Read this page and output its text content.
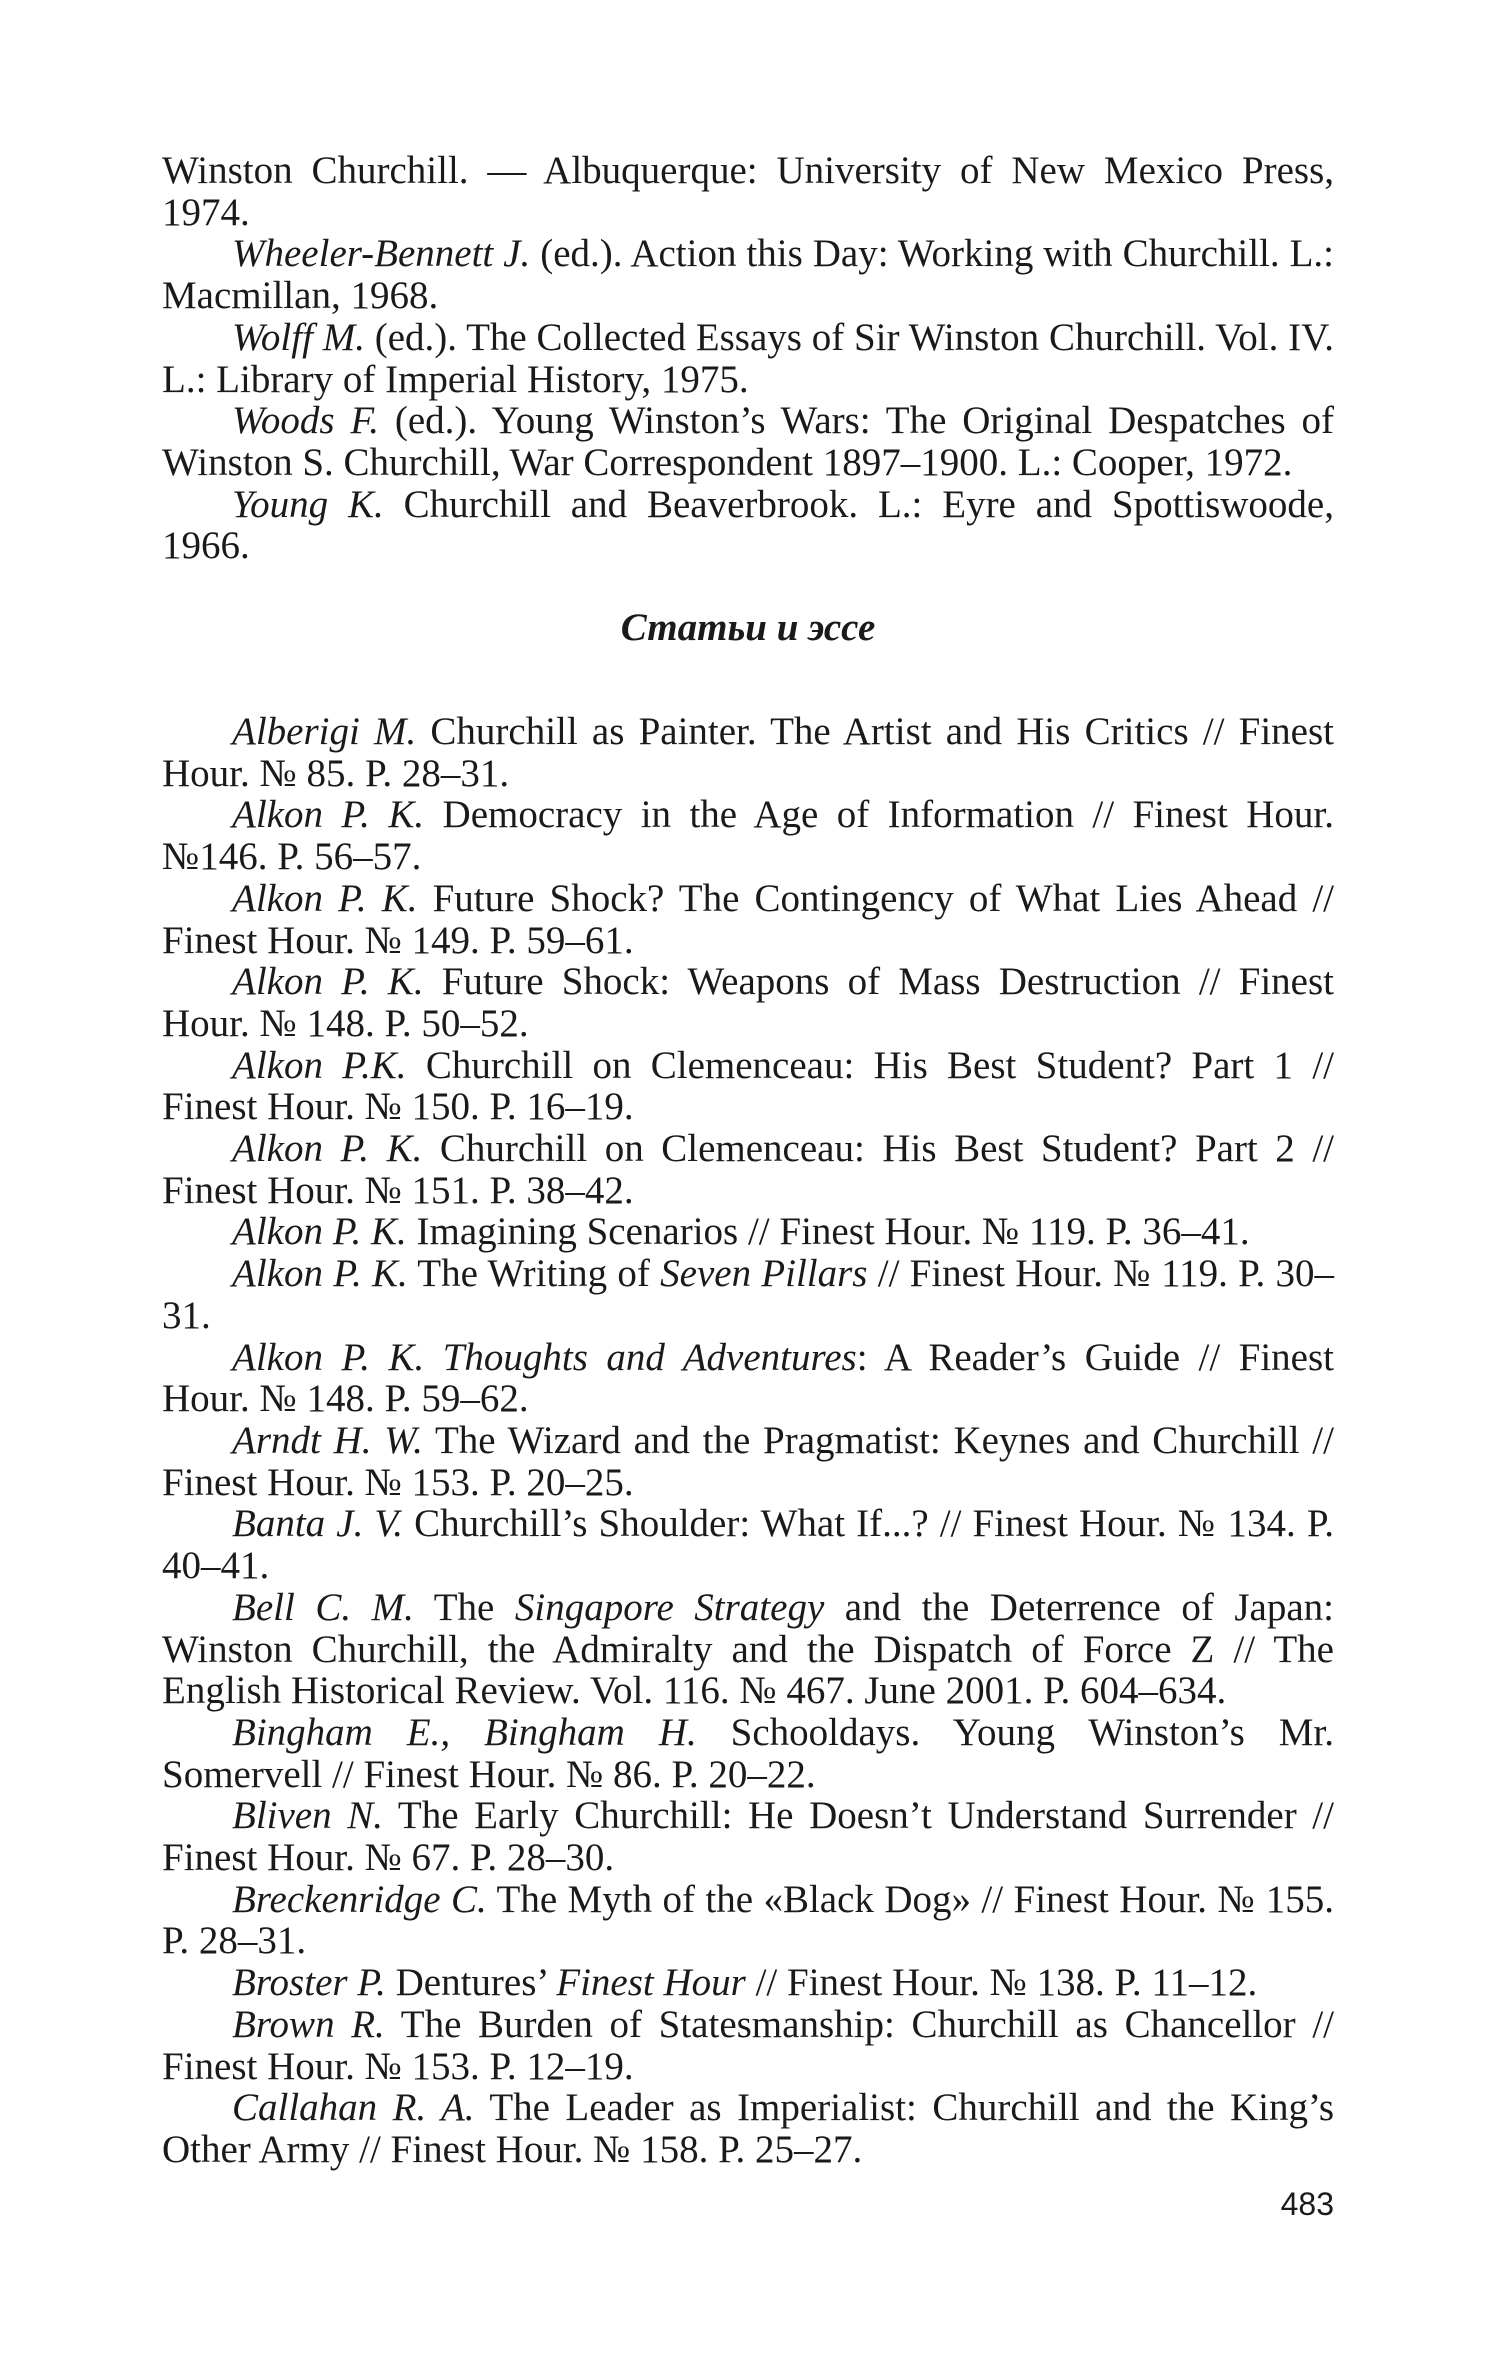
Winston Churchill. — Albuquerque: University of New Mexico Press, 1974.

Wheeler-Bennett J. (ed.). Action this Day: Working with Churchill. L.: Macmillan, 1968.

Wolff M. (ed.). The Collected Essays of Sir Winston Churchill. Vol. IV. L.: Library of Imperial History, 1975.

Woods F. (ed.). Young Winston’s Wars: The Original Despatches of Winston S. Churchill, War Correspondent 1897–1900. L.: Cooper, 1972.

Young K. Churchill and Beaverbrook. L.: Eyre and Spottiswoode, 1966.

Статьи и эссе

Alberigi M. Churchill as Painter. The Artist and His Critics // Finest Hour. № 85. P. 28–31.

Alkon P. K. Democracy in the Age of Information // Finest Hour. №146. P. 56–57.

Alkon P. K. Future Shock? The Contingency of What Lies Ahead // Finest Hour. № 149. P. 59–61.

Alkon P. K. Future Shock: Weapons of Mass Destruction // Finest Hour. № 148. P. 50–52.

Alkon P.K. Churchill on Clemenceau: His Best Student? Part 1 // Finest Hour. № 150. P. 16–19.

Alkon P. K. Churchill on Clemenceau: His Best Student? Part 2 // Finest Hour. № 151. P. 38–42.

Alkon P. K. Imagining Scenarios // Finest Hour. № 119. P. 36–41.

Alkon P. K. The Writing of Seven Pillars // Finest Hour. № 119. P. 30–31.

Alkon P. K. Thoughts and Adventures: A Reader’s Guide // Finest Hour. № 148. P. 59–62.

Arndt H. W. The Wizard and the Pragmatist: Keynes and Churchill // Finest Hour. № 153. P. 20–25.

Banta J. V. Churchill’s Shoulder: What If...? // Finest Hour. № 134. P. 40–41.

Bell C. M. The Singapore Strategy and the Deterrence of Japan: Winston Churchill, the Admiralty and the Dispatch of Force Z // The English Historical Review. Vol. 116. № 467. June 2001. P. 604–634.

Bingham E., Bingham H. Schooldays. Young Winston’s Mr. Somervell // Finest Hour. № 86. P. 20–22.

Bliven N. The Early Churchill: He Doesn’t Understand Surrender // Finest Hour. № 67. P. 28–30.

Breckenridge C. The Myth of the «Black Dog» // Finest Hour. № 155. P. 28–31.

Broster P. Dentures’ Finest Hour // Finest Hour. № 138. P. 11–12.

Brown R. The Burden of Statesmanship: Churchill as Chancellor // Finest Hour. № 153. P. 12–19.

Callahan R. A. The Leader as Imperialist: Churchill and the King’s Other Army // Finest Hour. № 158. P. 25–27.

483
